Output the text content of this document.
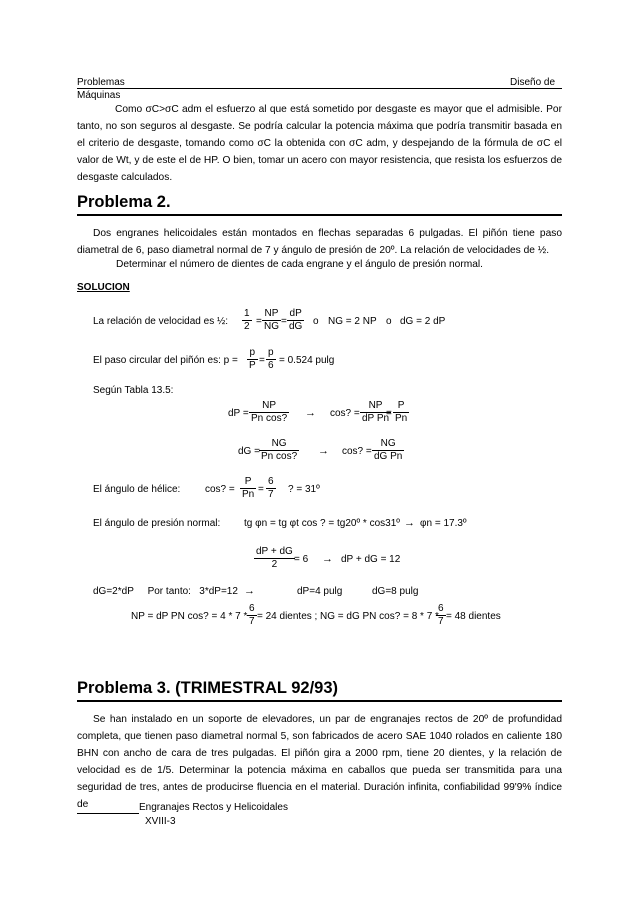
Problemas	Diseño de
Máquinas
Como σC>σC adm el esfuerzo al que está sometido por desgaste es mayor que el admisible. Por tanto, no son seguros al desgaste. Se podría calcular la potencia máxima que podría transmitir basada en el criterio de desgaste, tomando como σC la obtenida con σC adm, y despejando de la fórmula de σC el valor de Wt, y de este el de HP. O bien, tomar un acero con mayor resistencia, que resista los esfuerzos de desgaste calculados.
Problema 2.
Dos engranes helicoidales están montados en flechas separadas 6 pulgadas. El piñón tiene paso diametral de 6, paso diametral normal de 7 y ángulo de presión de 20º. La relación de velocidades de ½.
Determinar el número de dientes de cada engrane y el ángulo de presión normal.
SOLUCION
La relación de velocidad es ½: $\frac{1}{2} = \frac{NP}{NG} = \frac{dP}{dG}$ o NG = 2 NP o dG = 2 dP
El paso circular del piñón es: $p = \frac{p}{P} = \frac{p}{6} = 0.524$ pulg
Según Tabla 13.5:
dP = $\frac{NP}{\text{Pn cos?}} \to \cos$? = $\frac{NP}{\text{dP Pn}}$
= $\frac{P}{Pn}$
dG = $\frac{NG}{\text{Pn cos?}} \to \cos$? = $\frac{NG}{\text{dG Pn}}$
El ángulo de hélice: cos? = $\frac{P}{Pn} = \frac{6}{7}$ ? = 31º
El ángulo de presión normal: tg φn = tg φt cos ? = tg20º * cos31º → φn = 17.3º
$\frac{dP + dG}{2} = 6$ → dP + dG = 12
dG=2*dP     Por tanto:   3*dP=12 →	dP=4 pulg	dG=8 pulg
NP = dP PN cos? = $4 * 7 * \frac{6}{7} = 24$ dientes ; NG = dG PN cos? = 8 * 7 *
$\frac{6}{7} = 48$ dientes
Problema 3. (TRIMESTRAL 92/93)
Se han instalado en un soporte de elevadores, un par de engranajes rectos de 20º de profundidad completa, que tienen paso diametral normal 5, son fabricados de acero SAE 1040 rolados en caliente 180 BHN con ancho de cara de tres pulgadas. El piñón gira a 2000 rpm, tiene 20 dientes, y la relación de velocidad es de 1/5. Determinar la potencia máxima en caballos que pueda ser transmitida para una seguridad de tres, antes de producirse fluencia en el material. Duración infinita, confiabilidad 99'9% índice de	Engranajes Rectos y Helicoidales
XVIII-3
